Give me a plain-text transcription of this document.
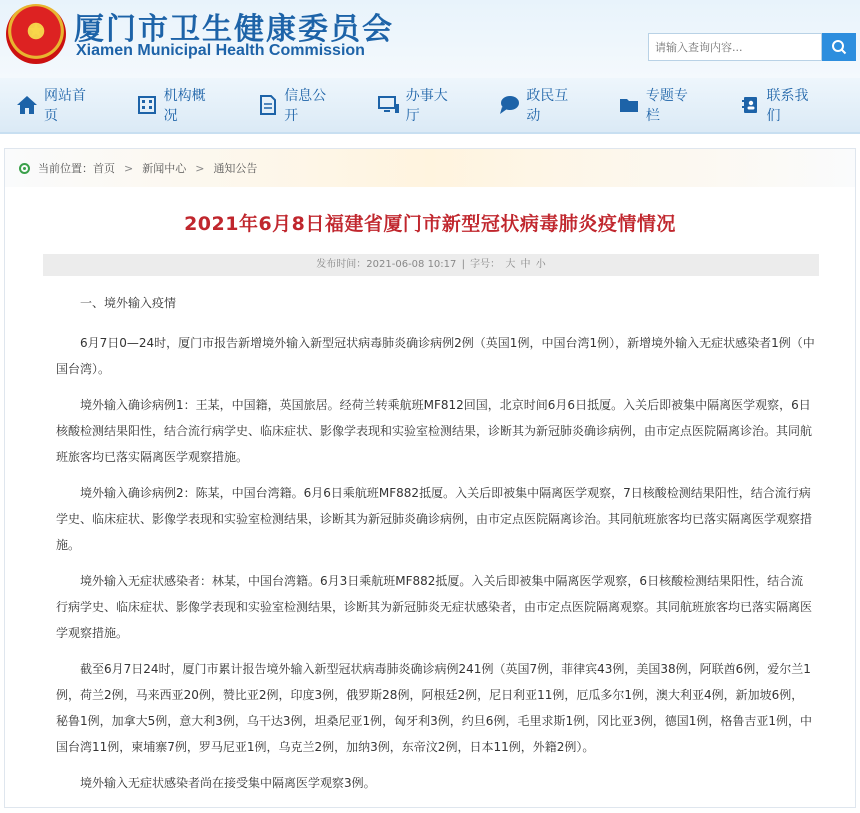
★ 厦门市卫生健康委员会
Xiamen Municipal Health Commission
请输入查询内容...
网站首页
机构概况
信息公开
办事大厅
政民互动
专题专栏
联系我们
当前位置： 首页 > 新闻中心 > 通知公告
2021年6月8日福建省厦门市新型冠状病毒肺炎疫情情况
发布时间：2021-06-08 10:17 | 字号： 大 中 小

一、境外输入疫情

6月7日0—24时，厦门市报告新增境外输入新型冠状病毒肺炎确诊病例2例（英国1例，中国台湾1例），新增境外输入无症状感染者1例（中国台湾）。

境外输入确诊病例1：王某，中国籍，英国旅居。经荷兰转乘航班MF812回国，北京时间6月6日抵厦。入关后即被集中隔离医学观察，6日核酸检测结果阳性，结合流行病学史、临床症状、影像学表现和实验室检测结果，诊断其为新冠肺炎确诊病例，由市定点医院隔离诊治。其同航班旅客均已落实隔离医学观察措施。

境外输入确诊病例2：陈某，中国台湾籍。6月6日乘航班MF882抵厦。入关后即被集中隔离医学观察，7日核酸检测结果阳性，结合流行病学史、临床症状、影像学表现和实验室检测结果，诊断其为新冠肺炎确诊病例，由市定点医院隔离诊治。其同航班旅客均已落实隔离医学观察措施。

境外输入无症状感染者：林某，中国台湾籍。6月3日乘航班MF882抵厦。入关后即被集中隔离医学观察，6日核酸检测结果阳性，结合流行病学史、临床症状、影像学表现和实验室检测结果，诊断其为新冠肺炎无症状感染者，由市定点医院隔离观察。其同航班旅客均已落实隔离医学观察措施。

截至6月7日24时，厦门市累计报告境外输入新型冠状病毒肺炎确诊病例241例（英国7例，菲律宾43例，美国38例，阿联酋6例，爱尔兰1例，荷兰2例，马来西亚20例，赞比亚2例，印度3例，俄罗斯28例，阿根廷2例，尼日利亚11例，厄瓜多尔1例，澳大利亚4例，新加坡6例，秘鲁1例，加拿大5例，意大利3例，乌干达3例，坦桑尼亚1例，匈牙利3例，约旦6例，毛里求斯1例，冈比亚3例，德国1例，格鲁吉亚1例，中国台湾11例，柬埔寨7例，罗马尼亚1例，乌克兰2例，加纳3例，东帝汶2例，日本11例，外籍2例）。

境外输入无症状感染者尚在接受集中隔离医学观察3例。
